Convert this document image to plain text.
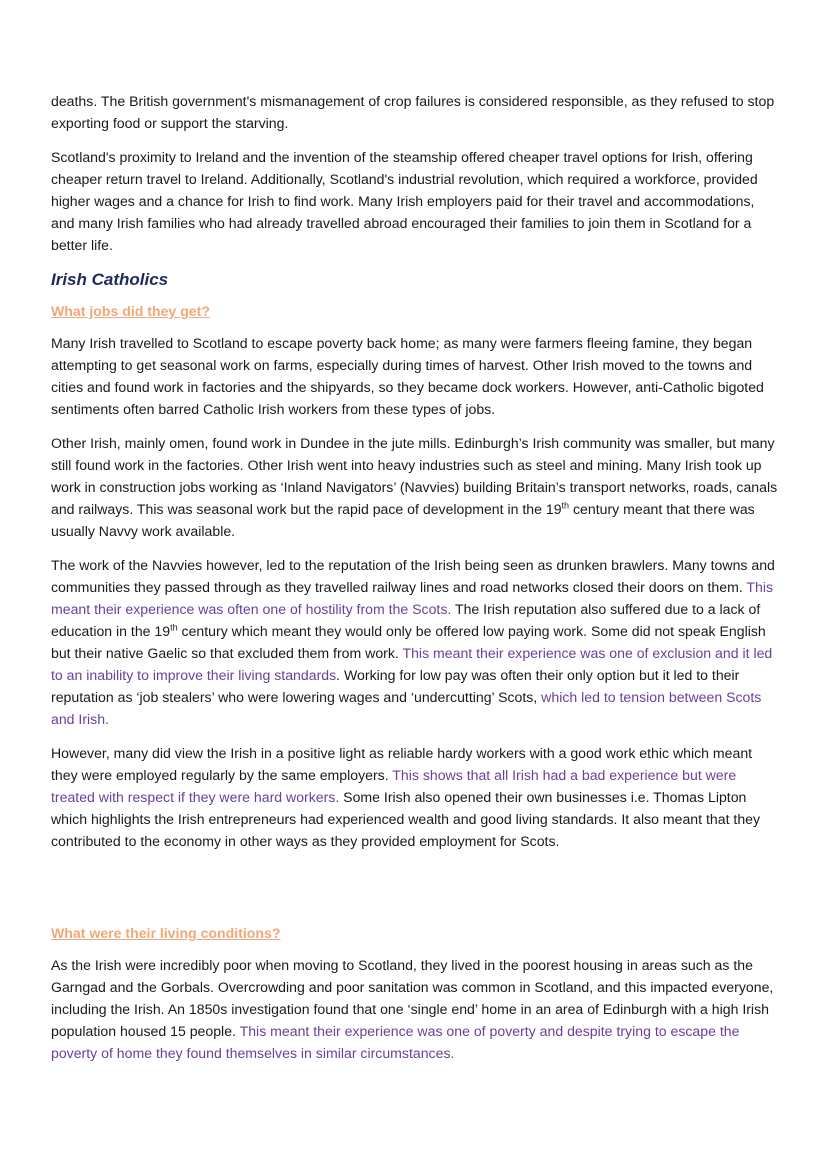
deaths. The British government's mismanagement of crop failures is considered responsible, as they refused to stop exporting food or support the starving.

Scotland's proximity to Ireland and the invention of the steamship offered cheaper travel options for Irish, offering cheaper return travel to Ireland. Additionally, Scotland's industrial revolution, which required a workforce, provided higher wages and a chance for Irish to find work. Many Irish employers paid for their travel and accommodations, and many Irish families who had already travelled abroad encouraged their families to join them in Scotland for a better life.

Irish Catholics
What jobs did they get?

Many Irish travelled to Scotland to escape poverty back home; as many were farmers fleeing famine, they began attempting to get seasonal work on farms, especially during times of harvest. Other Irish moved to the towns and cities and found work in factories and the shipyards, so they became dock workers. However, anti-Catholic bigoted sentiments often barred Catholic Irish workers from these types of jobs.

Other Irish, mainly omen, found work in Dundee in the jute mills. Edinburgh’s Irish community was smaller, but many still found work in the factories. Other Irish went into heavy industries such as steel and mining. Many Irish took up work in construction jobs working as ‘Inland Navigators’ (Navvies) building Britain’s transport networks, roads, canals and railways. This was seasonal work but the rapid pace of development in the 19th century meant that there was usually Navvy work available.

The work of the Navvies however, led to the reputation of the Irish being seen as drunken brawlers. Many towns and communities they passed through as they travelled railway lines and road networks closed their doors on them. This meant their experience was often one of hostility from the Scots. The Irish reputation also suffered due to a lack of education in the 19th century which meant they would only be offered low paying work. Some did not speak English but their native Gaelic so that excluded them from work. This meant their experience was one of exclusion and it led to an inability to improve their living standards. Working for low pay was often their only option but it led to their reputation as ‘job stealers’ who were lowering wages and ‘undercutting’ Scots, which led to tension between Scots and Irish.

However, many did view the Irish in a positive light as reliable hardy workers with a good work ethic which meant they were employed regularly by the same employers. This shows that all Irish had a bad experience but were treated with respect if they were hard workers. Some Irish also opened their own businesses i.e. Thomas Lipton which highlights the Irish entrepreneurs had experienced wealth and good living standards. It also meant that they contributed to the economy in other ways as they provided employment for Scots.

What were their living conditions?

As the Irish were incredibly poor when moving to Scotland, they lived in the poorest housing in areas such as the Garngad and the Gorbals. Overcrowding and poor sanitation was common in Scotland, and this impacted everyone, including the Irish. An 1850s investigation found that one ‘single end’ home in an area of Edinburgh with a high Irish population housed 15 people. This meant their experience was one of poverty and despite trying to escape the poverty of home they found themselves in similar circumstances.
